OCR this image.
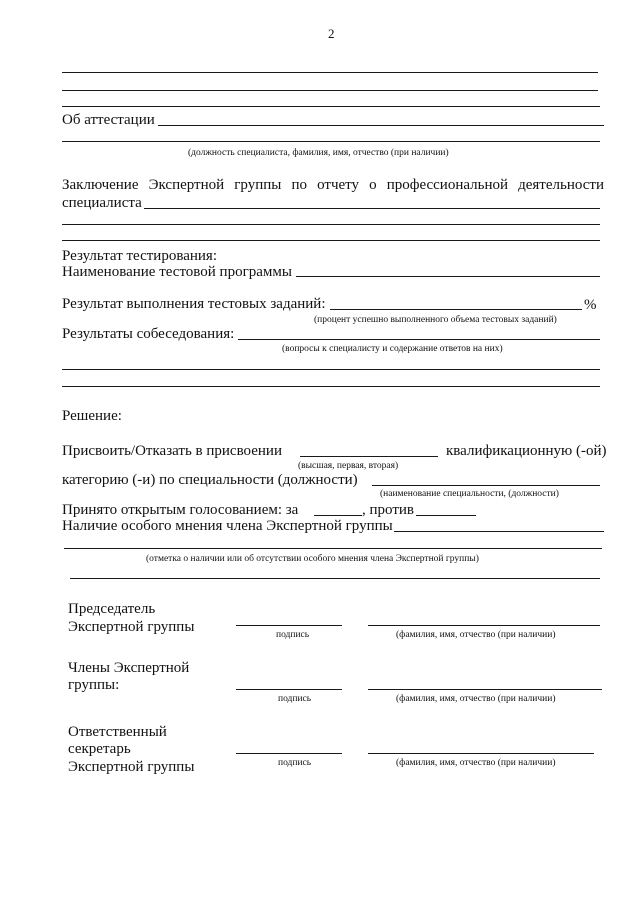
2
Об аттестации
(должность специалиста, фамилия, имя, отчество (при наличии)
Заключение Экспертной группы по отчету о профессиональной деятельности
специалиста
Результат тестирования:
Наименование тестовой программы
Результат выполнения тестовых заданий:	%
(процент успешно выполненного объема тестовых заданий)
Результаты собеседования:
(вопросы к специалисту и содержание ответов на них)
Решение:
Присвоить/Отказать в присвоении	квалификационную (-ой)
(высшая, первая, вторая)
категорию (-и) по специальности (должности)
(наименование специальности, (должности)
Принято открытым голосованием: за	, против
Наличие особого мнения члена Экспертной группы
(отметка о наличии или об отсутствии особого мнения члена Экспертной группы)
Председатель
Экспертной группы	подпись	(фамилия, имя, отчество (при наличии)
Члены Экспертной
группы:
подпись	(фамилия, имя, отчество (при наличии)
Ответственный
секретарь
Экспертной группы	подпись	(фамилия, имя, отчество (при наличии)
